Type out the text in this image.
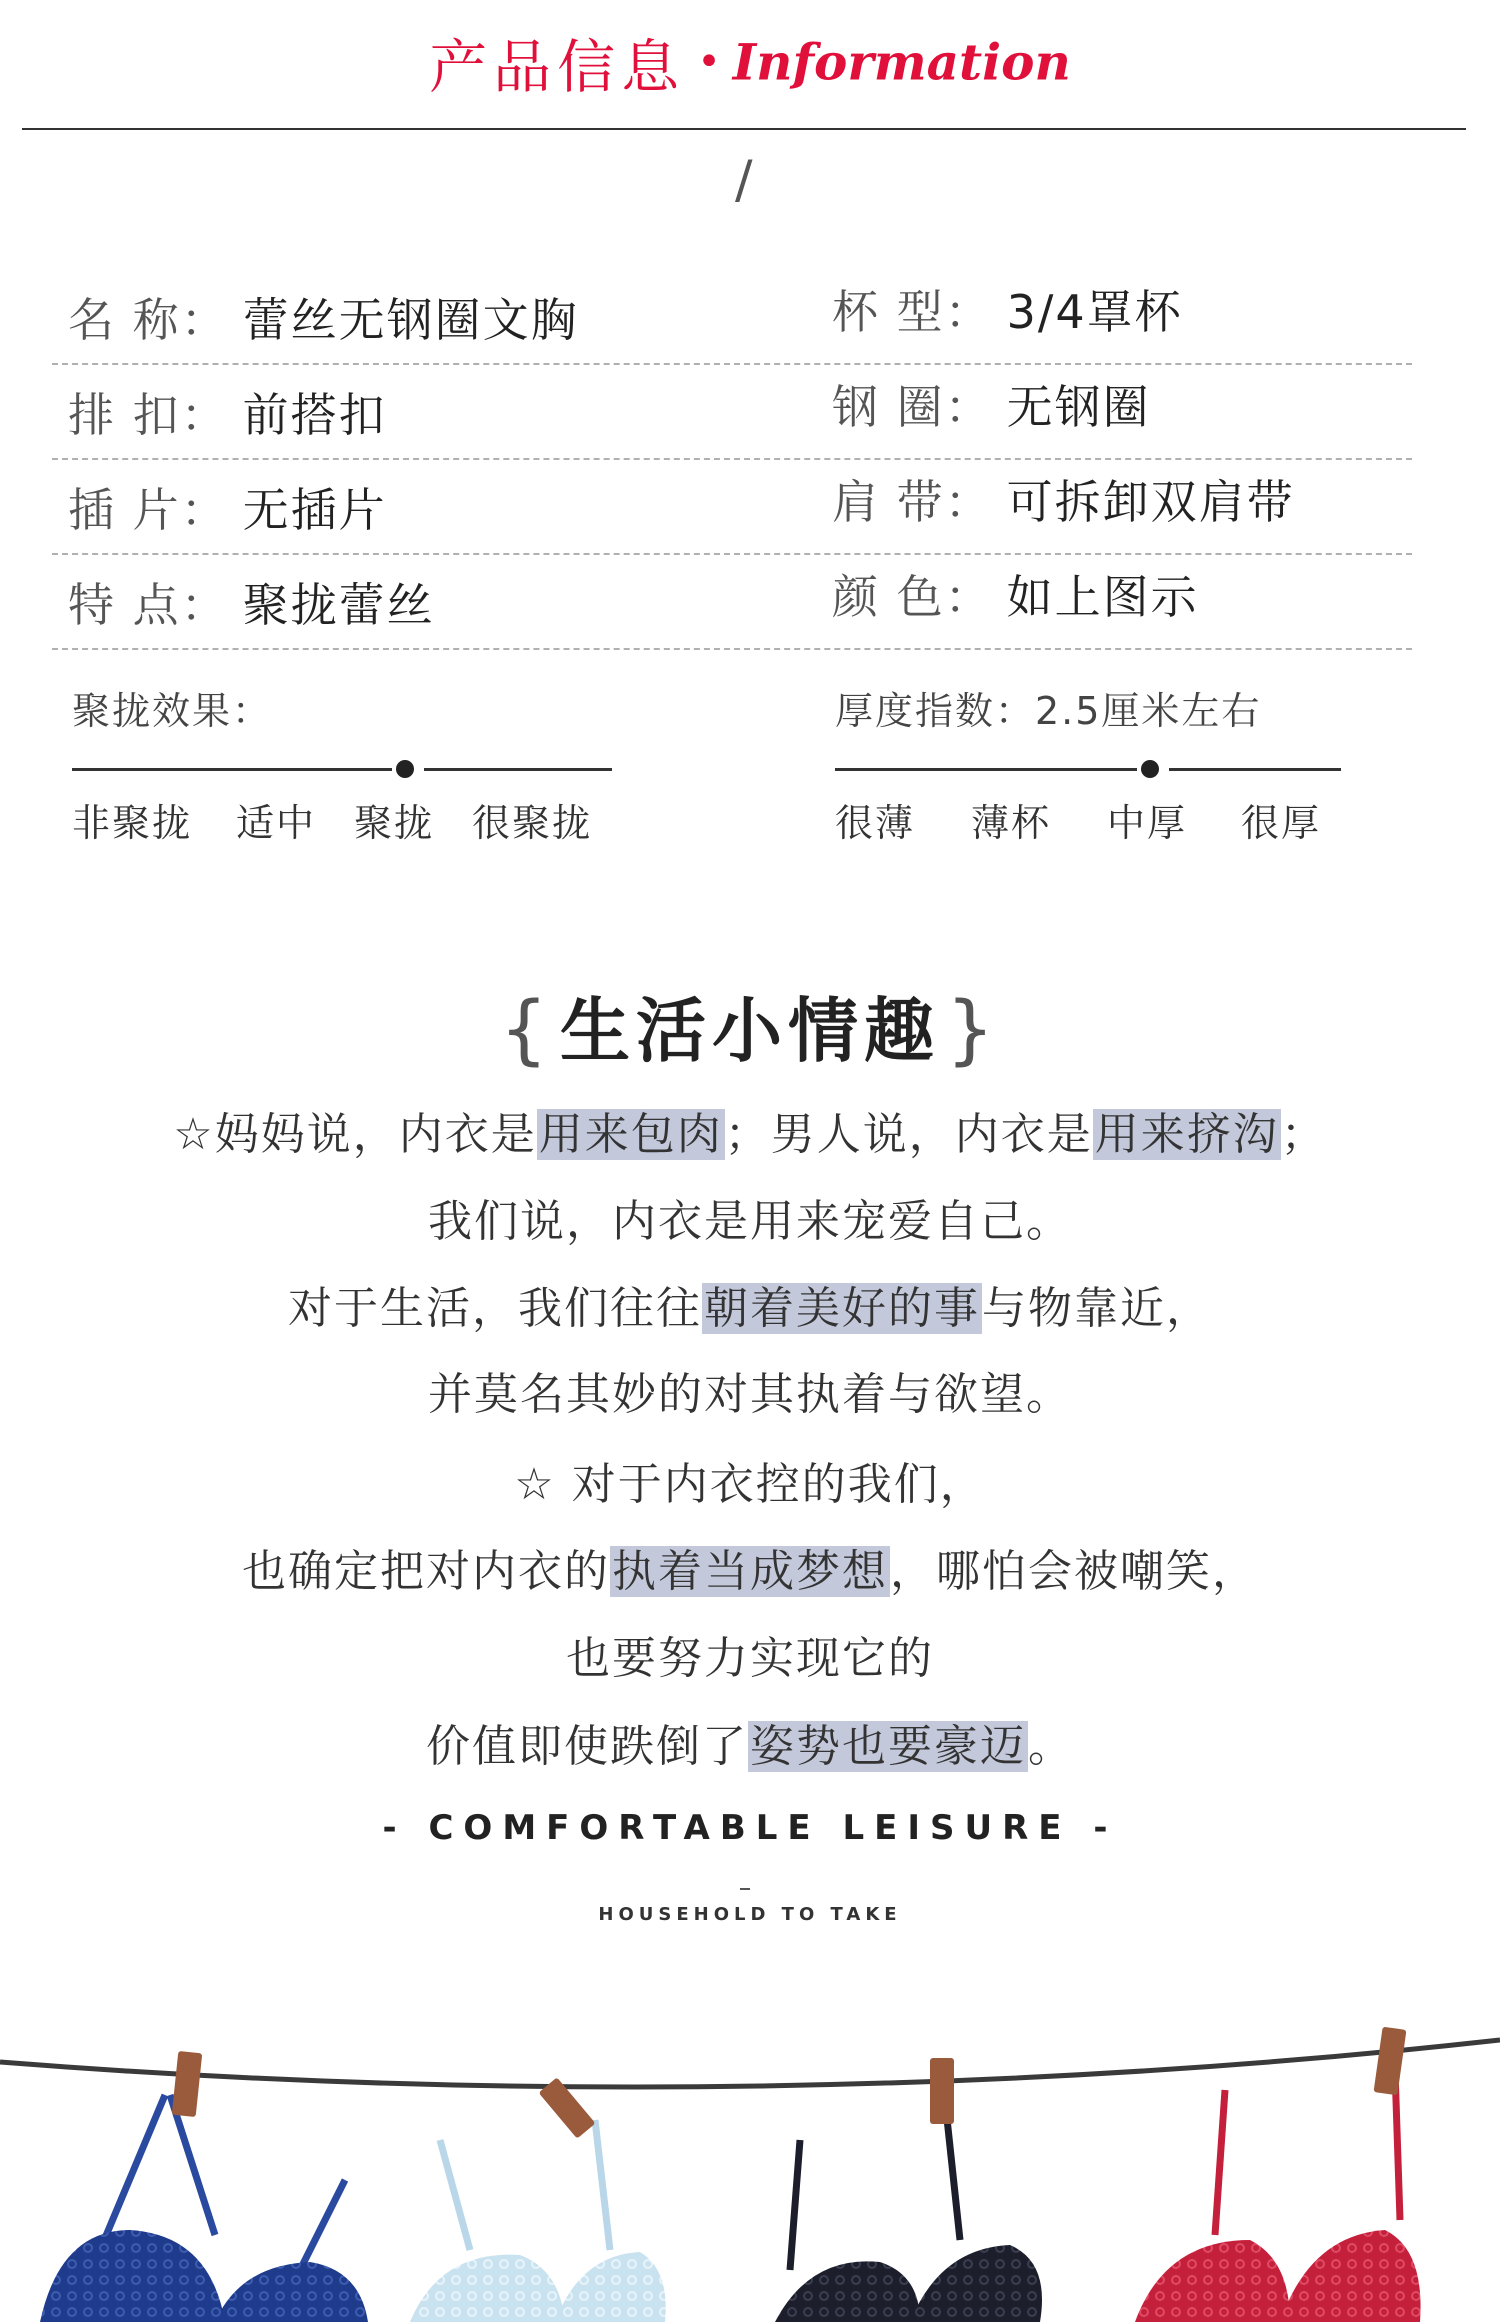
产品信息 • Information
/
名 称： 蕾丝无钢圈文胸	杯 型： 3/4罩杯
排 扣： 前搭扣	钢 圈： 无钢圈
插 片： 无插片	肩 带： 可拆卸双肩带
特 点： 聚拢蕾丝	颜 色： 如上图示
聚拢效果：
非聚拢 适中 聚拢 很聚拢
厚度指数：2.5厘米左右
很薄 薄杯 中厚 很厚
{生活小情趣}
☆妈妈说，内衣是用来包肉；男人说，内衣是用来挤沟；
我们说，内衣是用来宠爱自己。
对于生活，我们往往朝着美好的事与物靠近，
并莫名其妙的对其执着与欲望。
☆ 对于内衣控的我们，
也确定把对内衣的执着当成梦想，哪怕会被嘲笑，
也要努力实现它的
价值即使跌倒了姿势也要豪迈。
- COMFORTABLE LEISURE -
HOUSEHOLD TO TAKE
